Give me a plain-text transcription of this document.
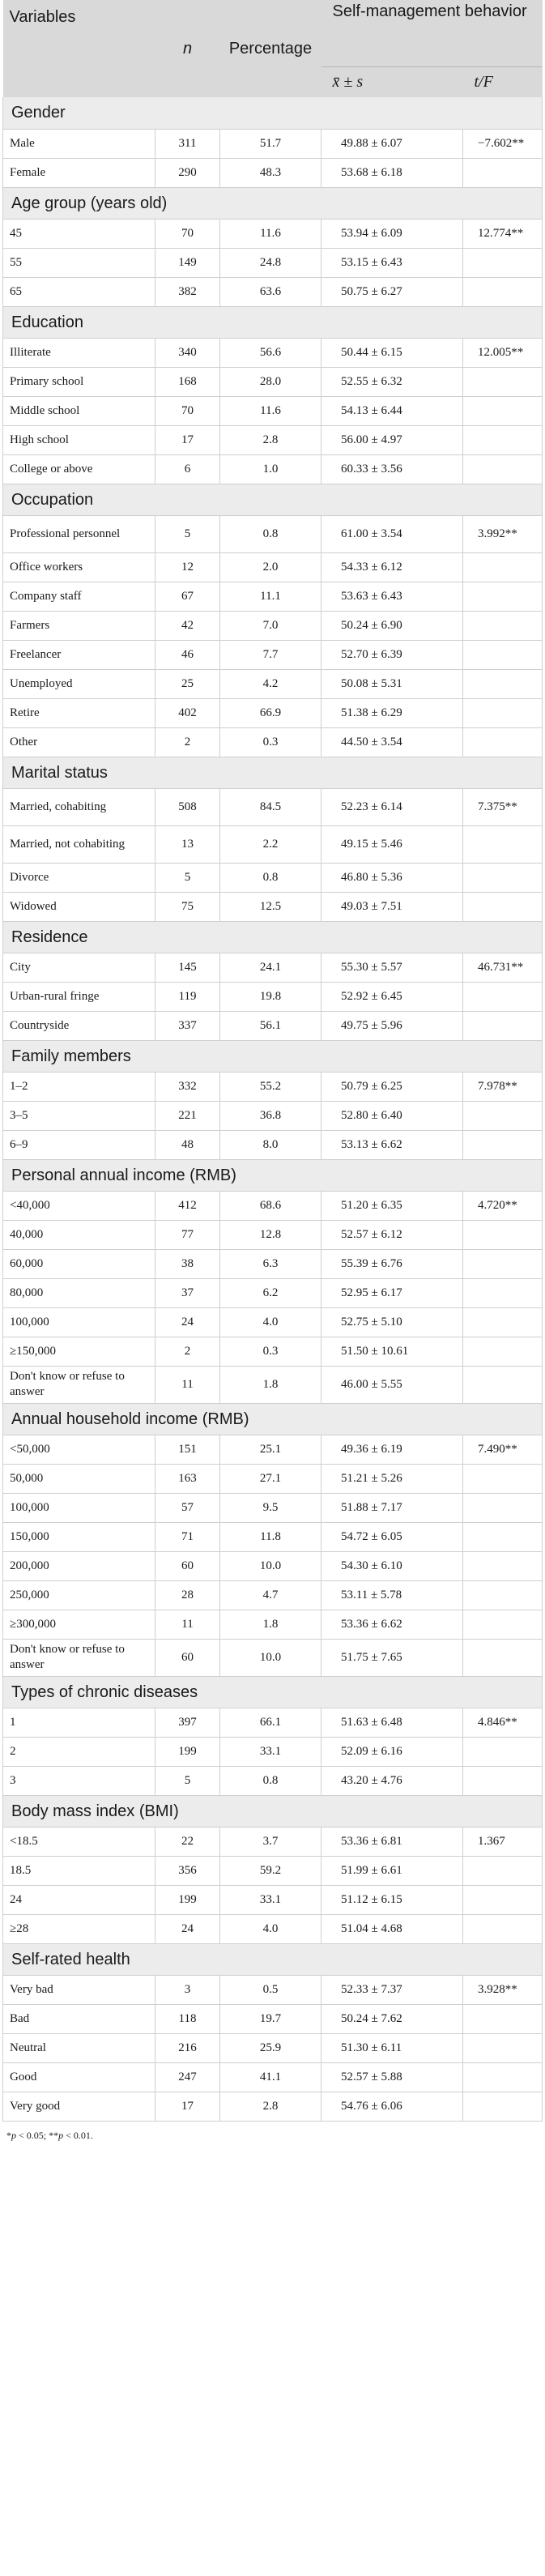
Variables	n	Percentage	Self-management behavior	
			x̄ ± s	t/F
Gender				
Male	311	51.7	49.88 ± 6.07	−7.602**
Female	290	48.3	53.68 ± 6.18	
Age group (years old)				
45	70	11.6	53.94 ± 6.09	12.774**
55	149	24.8	53.15 ± 6.43	
65	382	63.6	50.75 ± 6.27	
Education				
Illiterate	340	56.6	50.44 ± 6.15	12.005**
Primary school	168	28.0	52.55 ± 6.32	
Middle school	70	11.6	54.13 ± 6.44	
High school	17	2.8	56.00 ± 4.97	
College or above	6	1.0	60.33 ± 3.56	
Occupation				
Professional personnel	5	0.8	61.00 ± 3.54	3.992**
Office workers	12	2.0	54.33 ± 6.12	
Company staff	67	11.1	53.63 ± 6.43	
Farmers	42	7.0	50.24 ± 6.90	
Freelancer	46	7.7	52.70 ± 6.39	
Unemployed	25	4.2	50.08 ± 5.31	
Retire	402	66.9	51.38 ± 6.29	
Other	2	0.3	44.50 ± 3.54	
Marital status				
Married, cohabiting	508	84.5	52.23 ± 6.14	7.375**
Married, not cohabiting	13	2.2	49.15 ± 5.46	
Divorce	5	0.8	46.80 ± 5.36	
Widowed	75	12.5	49.03 ± 7.51	
Residence				
City	145	24.1	55.30 ± 5.57	46.731**
Urban-rural fringe	119	19.8	52.92 ± 6.45	
Countryside	337	56.1	49.75 ± 5.96	
Family members				
1–2	332	55.2	50.79 ± 6.25	7.978**
3–5	221	36.8	52.80 ± 6.40	
6–9	48	8.0	53.13 ± 6.62	
Personal annual income (RMB)				
<40,000	412	68.6	51.20 ± 6.35	4.720**
40,000	77	12.8	52.57 ± 6.12	
60,000	38	6.3	55.39 ± 6.76	
80,000	37	6.2	52.95 ± 6.17	
100,000	24	4.0	52.75 ± 5.10	
≥150,000	2	0.3	51.50 ± 10.61	
Don't know or refuse to answer	11	1.8	46.00 ± 5.55	
Annual household income (RMB)				
<50,000	151	25.1	49.36 ± 6.19	7.490**
50,000	163	27.1	51.21 ± 5.26	
100,000	57	9.5	51.88 ± 7.17	
150,000	71	11.8	54.72 ± 6.05	
200,000	60	10.0	54.30 ± 6.10	
250,000	28	4.7	53.11 ± 5.78	
≥300,000	11	1.8	53.36 ± 6.62	
Don't know or refuse to answer	60	10.0	51.75 ± 7.65	
Types of chronic diseases				
1	397	66.1	51.63 ± 6.48	4.846**
2	199	33.1	52.09 ± 6.16	
3	5	0.8	43.20 ± 4.76	
Body mass index (BMI)				
<18.5	22	3.7	53.36 ± 6.81	1.367
18.5	356	59.2	51.99 ± 6.61	
24	199	33.1	51.12 ± 6.15	
≥28	24	4.0	51.04 ± 4.68	
Self-rated health				
Very bad	3	0.5	52.33 ± 7.37	3.928**
Bad	118	19.7	50.24 ± 7.62	
Neutral	216	25.9	51.30 ± 6.11	
Good	247	41.1	52.57 ± 5.88	
Very good	17	2.8	54.76 ± 6.06	
*p < 0.05; **p < 0.01.
